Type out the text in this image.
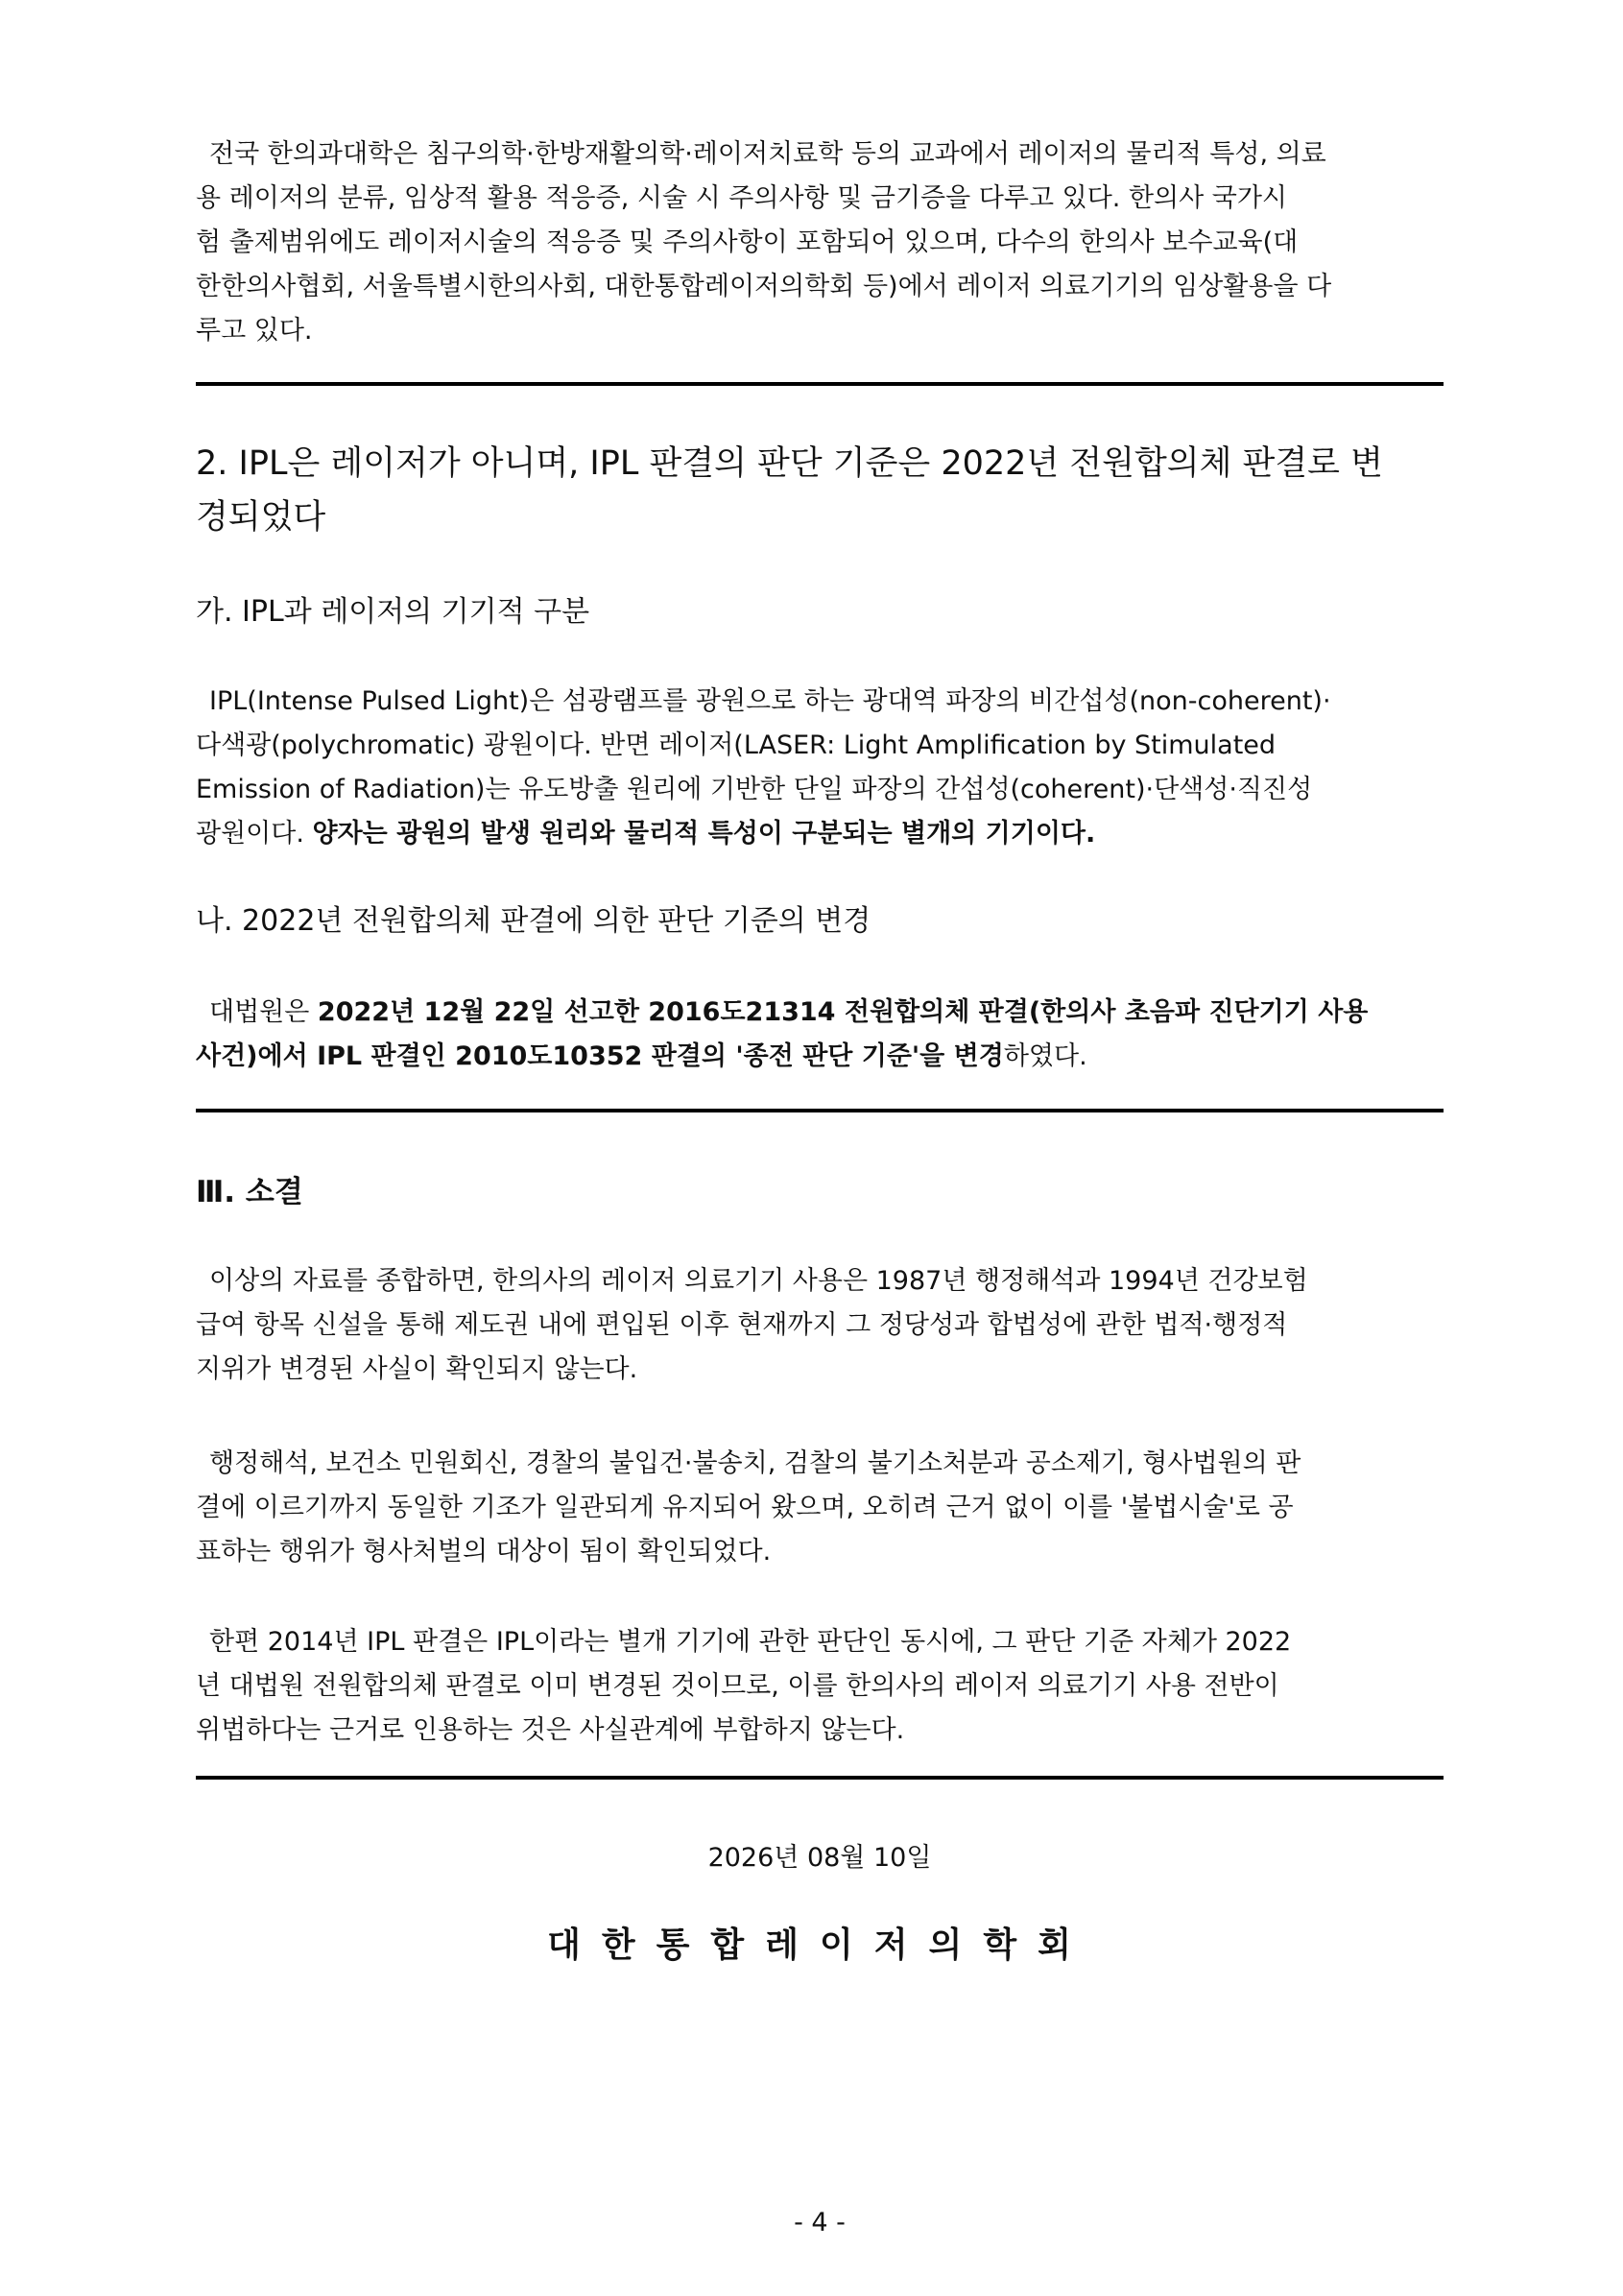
전국 한의과대학은 침구의학·한방재활의학·레이저치료학 등의 교과에서 레이저의 물리적 특성, 의료
용 레이저의 분류, 임상적 활용 적응증, 시술 시 주의사항 및 금기증을 다루고 있다. 한의사 국가시
험 출제범위에도 레이저시술의 적응증 및 주의사항이 포함되어 있으며, 다수의 한의사 보수교육(대
한한의사협회, 서울특별시한의사회, 대한통합레이저의학회 등)에서 레이저 의료기기의 임상활용을 다
루고 있다.
2. IPL은 레이저가 아니며, IPL 판결의 판단 기준은 2022년 전원합의체 판결로 변
경되었다
가. IPL과 레이저의 기기적 구분
IPL(Intense Pulsed Light)은 섬광램프를 광원으로 하는 광대역 파장의 비간섭성(non-coherent)·
다색광(polychromatic) 광원이다. 반면 레이저(LASER: Light Amplification by Stimulated
Emission of Radiation)는 유도방출 원리에 기반한 단일 파장의 간섭성(coherent)·단색성·직진성
광원이다. 양자는 광원의 발생 원리와 물리적 특성이 구분되는 별개의 기기이다.
나. 2022년 전원합의체 판결에 의한 판단 기준의 변경
대법원은 2022년 12월 22일 선고한 2016도21314 전원합의체 판결(한의사 초음파 진단기기 사용
사건)에서 IPL 판결인 2010도10352 판결의 '종전 판단 기준'을 변경하였다.
Ⅲ. 소결
이상의 자료를 종합하면, 한의사의 레이저 의료기기 사용은 1987년 행정해석과 1994년 건강보험
급여 항목 신설을 통해 제도권 내에 편입된 이후 현재까지 그 정당성과 합법성에 관한 법적·행정적
지위가 변경된 사실이 확인되지 않는다.
행정해석, 보건소 민원회신, 경찰의 불입건·불송치, 검찰의 불기소처분과 공소제기, 형사법원의 판
결에 이르기까지 동일한 기조가 일관되게 유지되어 왔으며, 오히려 근거 없이 이를 '불법시술'로 공
표하는 행위가 형사처벌의 대상이 됨이 확인되었다.
한편 2014년 IPL 판결은 IPL이라는 별개 기기에 관한 판단인 동시에, 그 판단 기준 자체가 2022
년 대법원 전원합의체 판결로 이미 변경된 것이므로, 이를 한의사의 레이저 의료기기 사용 전반이
위법하다는 근거로 인용하는 것은 사실관계에 부합하지 않는다.
2026년 08월 10일
대한통합레이저의학회
- 4 -
